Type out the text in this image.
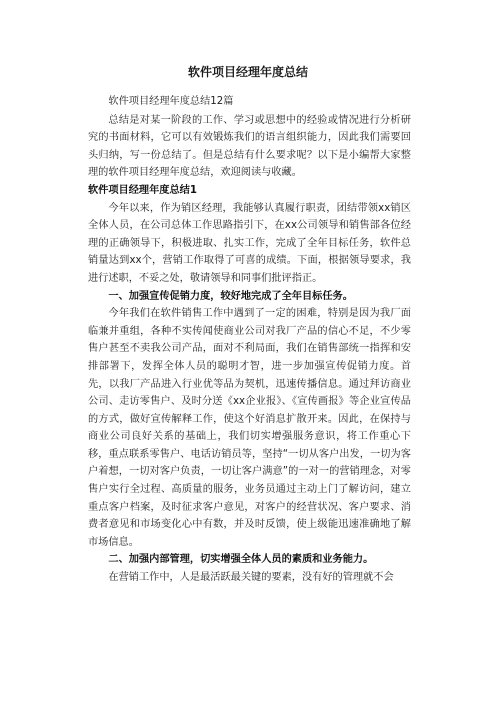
软件项目经理年度总结

软件项目经理年度总结12篇

总结是对某一阶段的工作、学习或思想中的经验或情况进行分析研究的书面材料，它可以有效锻炼我们的语言组织能力，因此我们需要回头归纳，写一份总结了。但是总结有什么要求呢？以下是小编帮大家整理的软件项目经理年度总结，欢迎阅读与收藏。

软件项目经理年度总结1

今年以来，作为销区经理，我能够认真履行职责，团结带领xx销区全体人员，在公司总体工作思路指引下，在xx公司领导和销售部各位经理的正确领导下，积极进取、扎实工作，完成了全年目标任务，软件总销量达到xx个，营销工作取得了可喜的成绩。下面，根据领导要求，我进行述职，不妥之处，敬请领导和同事们批评指正。

一、加强宣传促销力度，较好地完成了全年目标任务。

今年我们在软件销售工作中遇到了一定的困难，特别是因为我厂面临兼并重组，各种不实传闻使商业公司对我厂产品的信心不足，不少零售户甚至不卖我公司产品，面对不利局面，我们在销售部统一指挥和安排部署下，发挥全体人员的聪明才智，进一步加强宣传促销力度。首先，以我厂产品进入行业优等品为契机，迅速传播信息。通过拜访商业公司、走访零售户、及时分送《xx企业报》、《宣传画报》等企业宣传品的方式，做好宣传解释工作，使这个好消息扩散开来。因此，在保持与商业公司良好关系的基础上，我们切实增强服务意识，将工作重心下移，重点联系零售户、电话访销员等，坚持“一切从客户出发，一切为客户着想，一切对客户负责，一切让客户满意”的一对一的营销理念，对零售户实行全过程、高质量的服务，业务员通过主动上门了解访问，建立重点客户档案，及时征求客户意见，对客户的经营状况、客户要求、消费者意见和市场变化心中有数，并及时反馈，使上级能迅速准确地了解市场信息。

二、加强内部管理，切实增强全体人员的素质和业务能力。

在营销工作中，人是最活跃最关键的要素，没有好的管理就不会
